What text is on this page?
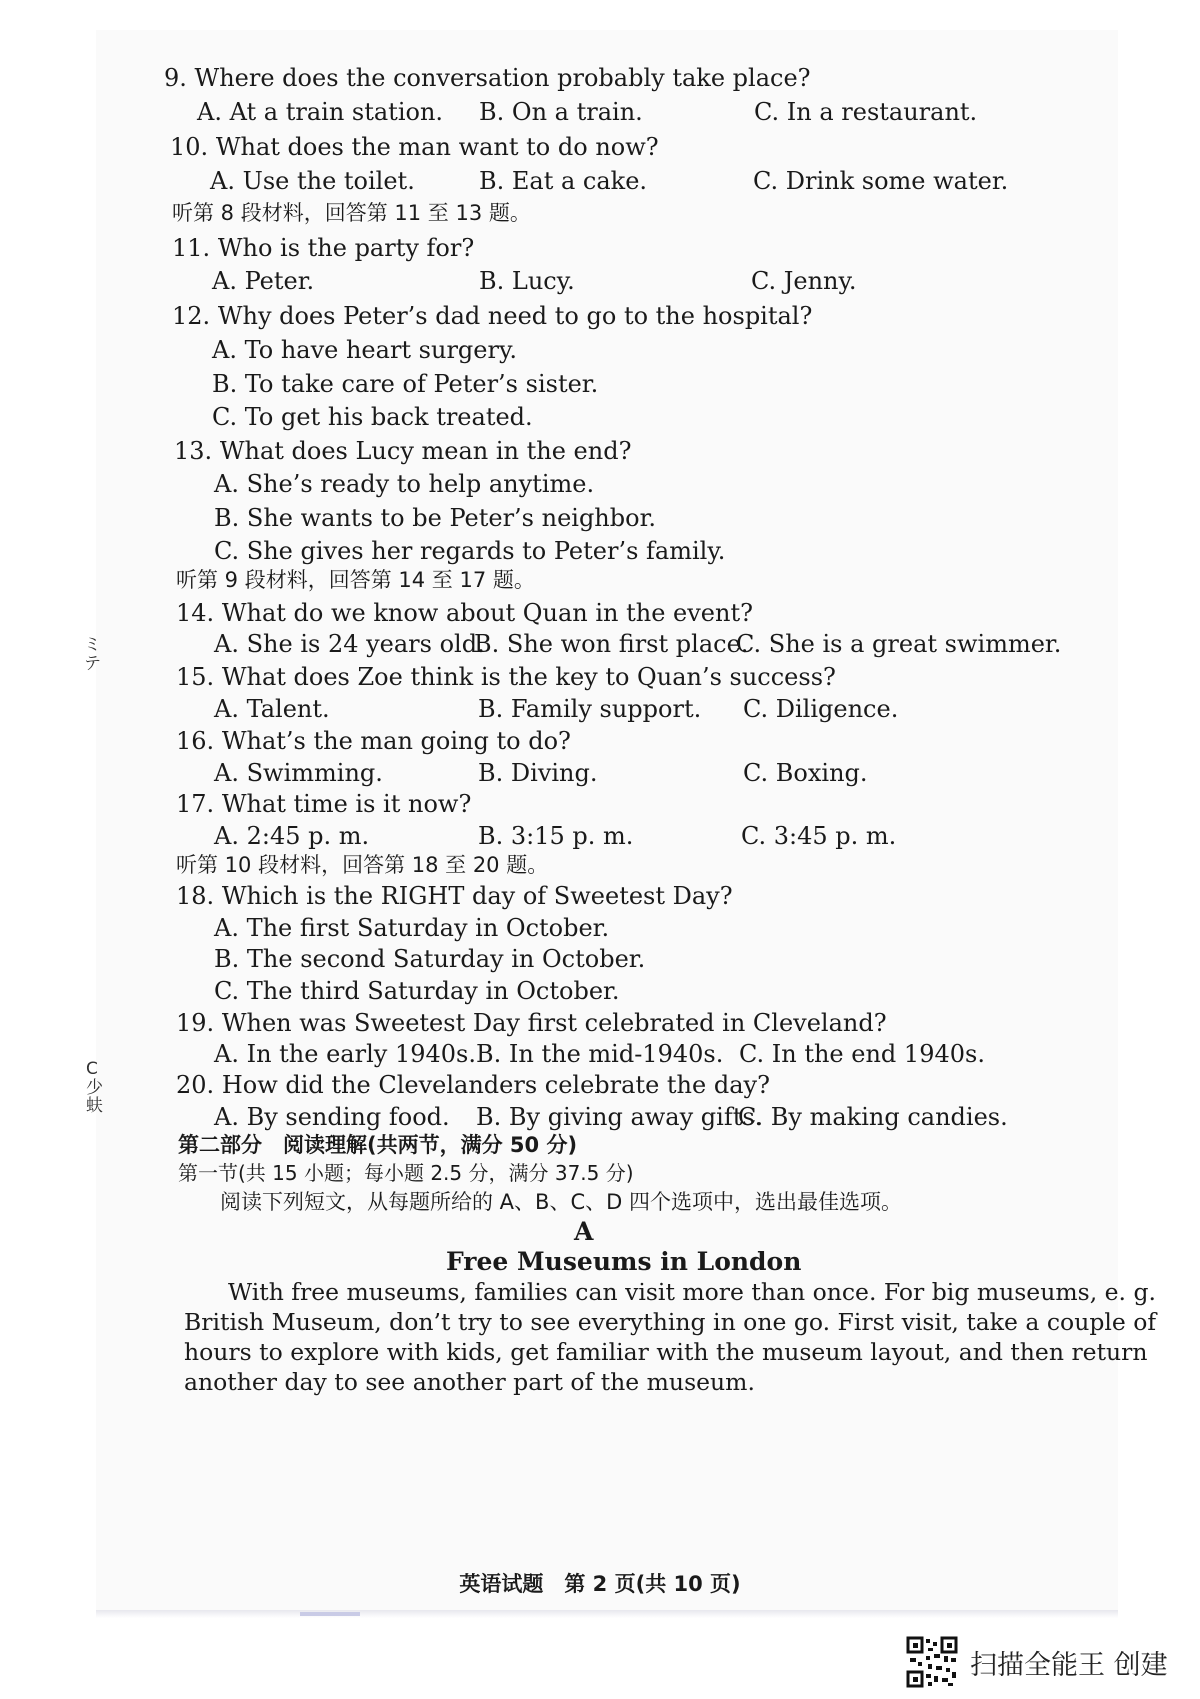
ミ
テ
C
少
蚨
9. Where does the conversation probably take place?
A. At a train station. B. On a train.	C. In a restaurant.
10. What does the man want to do now?
A. Use the toilet.	B. Eat a cake.	C. Drink some water.
听第 8 段材料，回答第 11 至 13 题。
11. Who is the party for?
A. Peter.	B. Lucy.	C. Jenny.
12. Why does Peter’s dad need to go to the hospital?
A. To have heart surgery.
B. To take care of Peter’s sister.
C. To get his back treated.
13. What does Lucy mean in the end?
A. She’s ready to help anytime.
B. She wants to be Peter’s neighbor.
C. She gives her regards to Peter’s family.
听第 9 段材料，回答第 14 至 17 题。
14. What do we know about Quan in the event?
A. She is 24 years old.
B. She won first place.
C. She is a great swimmer.
15. What does Zoe think is the key to Quan’s success?
A. Talent.	B. Family support. C. Diligence.
16. What’s the man going to do?
A. Swimming.	B. Diving.	C. Boxing.
17. What time is it now?
A. 2:45 p. m.	B. 3:15 p. m.	C. 3:45 p. m.
听第 10 段材料，回答第 18 至 20 题。
18. Which is the RIGHT day of Sweetest Day?
A. The first Saturday in October.
B. The second Saturday in October.
C. The third Saturday in October.
19. When was Sweetest Day first celebrated in Cleveland?
A. In the early 1940s. B. In the mid-1940s. C. In the end 1940s.
20. How did the Clevelanders celebrate the day?
A. By sending food. B. By giving away gifts.
C. By making candies.
第二部分　阅读理解(共两节，满分 50 分)
第一节(共 15 小题；每小题 2.5 分，满分 37.5 分)
阅读下列短文，从每题所给的 A、B、C、D 四个选项中，选出最佳选项。
A
Free Museums in London
With free museums, families can visit more than once. For big museums, e. g.
British Museum, don’t try to see everything in one go. First visit, take a couple of
hours to explore with kids, get familiar with the museum layout, and then return
another day to see another part of the museum.
英语试题　第 2 页(共 10 页)
扫描全能王 创建
